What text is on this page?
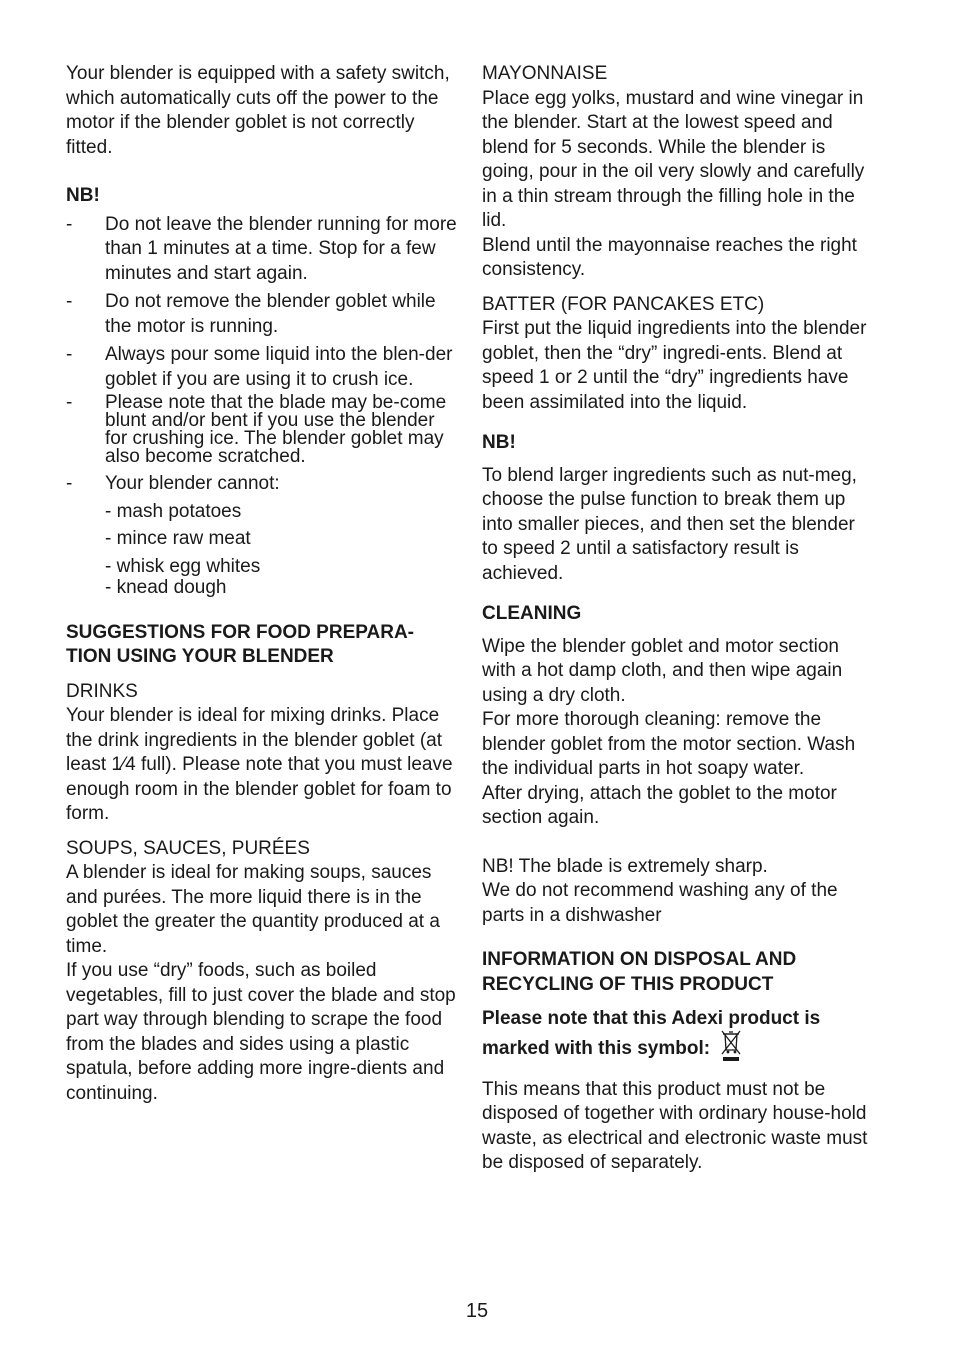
Your blender is equipped with a safety switch, which automatically cuts off the power to the motor if the blender goblet is not correctly fitted.

NB!

- Do not leave the blender running for more than 1 minutes at a time. Stop for a few minutes and start again.
- Do not remove the blender goblet while the motor is running.
- Always pour some liquid into the blen-der goblet if you are using it to crush ice.
- Please note that the blade may be-come blunt and/or bent if you use the blender for crushing ice. The blender goblet may also become scratched.
- Your blender cannot:
- mash potatoes
- mince raw meat
- whisk egg whites
- knead dough

SUGGESTIONS FOR FOOD PREPARA-TION USING YOUR BLENDER

DRINKS

Your blender is ideal for mixing drinks. Place the drink ingredients in the blender goblet (at least 1⁄4 full). Please note that you must leave enough room in the blender goblet for foam to form.

SOUPS, SAUCES, PURÉES

A blender is ideal for making soups, sauces and purées. The more liquid there is in the goblet the greater the quantity produced at a time.

If you use “dry” foods, such as boiled vegetables, fill to just cover the blade and stop part way through blending to scrape the food from the blades and sides using a plastic spatula, before adding more ingre-dients and continuing.

MAYONNAISE

Place egg yolks, mustard and wine vinegar in the blender. Start at the lowest speed and blend for 5 seconds. While the blender is going, pour in the oil very slowly and carefully in a thin stream through the filling hole in the lid.

Blend until the mayonnaise reaches the right consistency.

BATTER (FOR PANCAKES ETC)

First put the liquid ingredients into the blender goblet, then the “dry” ingredi-ents. Blend at speed 1 or 2 until the “dry” ingredients have been assimilated into the liquid.

NB!

To blend larger ingredients such as nut-meg, choose the pulse function to break them up into smaller pieces, and then set the blender to speed 2 until a satisfactory result is achieved.

CLEANING

Wipe the blender goblet and motor section with a hot damp cloth, and then wipe again using a dry cloth.

For more thorough cleaning: remove the blender goblet from the motor section. Wash the individual parts in hot soapy water.

After drying, attach the goblet to the motor section again.

NB! The blade is extremely sharp.

We do not recommend washing any of the parts in a dishwasher

INFORMATION ON DISPOSAL AND RECYCLING OF THIS PRODUCT

Please note that this Adexi product is marked with this symbol:

This means that this product must not be disposed of together with ordinary house-hold waste, as electrical and electronic waste must be disposed of separately.

15
